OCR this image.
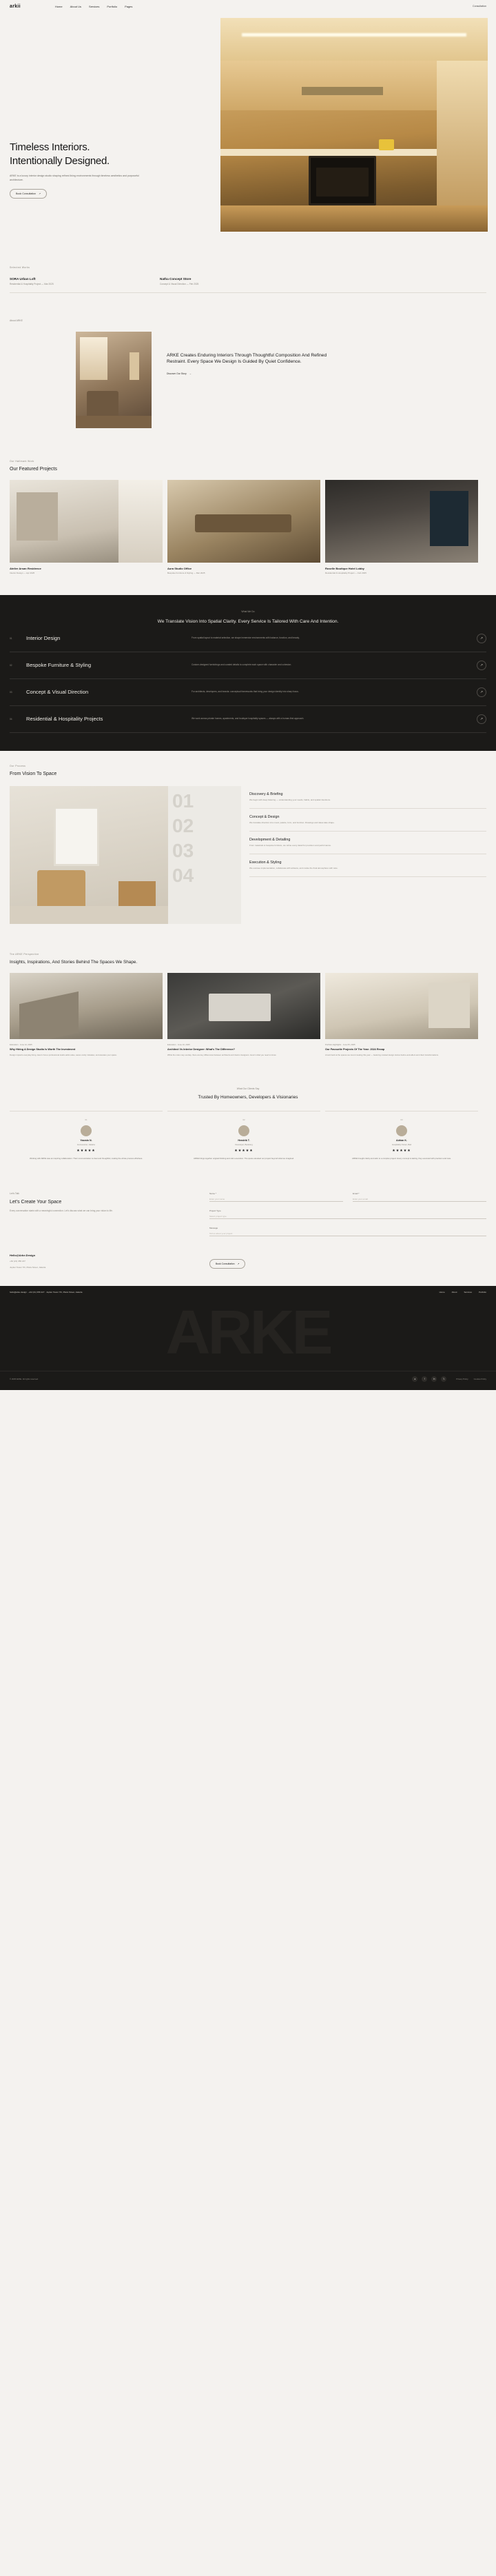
arkii	Home	About Us	Services	Portfolio	Pages	Consultation
Timeless Interiors.
Intentionally Designed.
ARKE is a luxury interior design studio shaping refined living environments through timeless aesthetics and purposeful architecture.
Book Consultation ↗
Selected Works
SORA Urban Loft
Residential & Hospitality Project — Mar 2025
Natha Concept Store
Concept & Visual Direction — Feb 2025
About ARKE
ARKE Creates Enduring Interiors Through Thoughtful Composition And Refined Restraint. Every Space We Design Is Guided By Quiet Confidence.
Discover Our Story →
Our Hallmark Work
Our Featured Projects
Atelier Arsan Residence
Interior Design — Apr 2025
Aura Studio Office
Bespoke Furniture & Styling — Mar 2025
Roselle Boutique Hotel Lobby
Residential & Hospitality Project — Feb 2025
What We Do
We Translate Vision Into Spatial Clarity. Every Service Is Tailored With Care And Intention.
01	Interior Design	From spatial layout to material selection, we shape immersive environments with balance, function, and beauty.	↗
02	Bespoke Furniture & Styling	Custom-designed furnishings and curated details to complete each space with character and cohesion.	↗
03	Concept & Visual Direction	For architects, developers, and brands: conceptual frameworks that bring your design identity into sharp focus.	↗
04	Residential & Hospitality Projects	We work across private homes, apartments, and boutique hospitality spaces — always with a human-first approach.	↗
Our Process
From Vision To Space
01
02
03
04
Discovery & Briefing
We begin with deep listening — understanding your needs, habits, and spatial intentions.
Concept & Design
We translate direction into mood, palette, form, and function. Drawings and ideas take shape.
Development & Detailing
From materials to bespoke furniture, we refine every detail for precision and performance.
Execution & Styling
We oversee implementation, collaborate with artisans, and curate the final atmosphere with care.
The ARKE Perspective
Insights, Inspirations, And Stories Behind The Spaces We Shape.
Education · June 12, 2025
Why Hiring A Design Studio Is Worth The Investment
Design impacts everyday living. Here's how a professional studio adds value, saves costly mistakes, and elevates your space.
Education · June 10, 2025
Architect Vs Interior Designer: What's The Difference?
While the roles may overlap, there are key differences between architects and interior designers. Here's what you need to know.
Portfolio Highlights · June 05, 2025
Our Favourite Projects Of The Year: 2024 Recap
A look back at the spaces we loved creating this year — featuring curated design stories before-and-afters and client transformations.
What Our Clients Say
Trusted By Homeowners, Developers & Visionaries
01
Yasmin N.
Homeowner, Jakarta
★★★★★
Working with ARKE was an inspiring collaboration. Their communication is clear and thoughtful, making the whole process effortless.
02
Hendrik T.
Developer, Bandung
★★★★★
ARKE brings together original thinking and calm execution. The space elevated our project beyond what we imagined.
03
Adrian K.
Hospitality Owner, Bali
★★★★★
ARKE brought clarity and calm to a complex project. Every concept is lasting, they executed with precision and care.
Let's Talk
Let's Create Your Space
Every conversation starts with a meaningful connection. Let's discuss what we can bring your vision to life.
Name *
Enter your name
Email *
Enter your email
Project Type
Select project type
Message
Tell us about your project
Hello@Arke.Design
+62 (21) 356 227
Jupiter Tower 7th, Plaza Street, Jakarta
Book Consultation ↗
hello@arke.design · +62 (21) 356 227 · Jupiter Tower 7th, Plaza Street, Jakarta	Home	About	Services	Portfolio
ARKE
© 2025 ARKE. All rights reserved.	●	f	in	𝕏	Privacy Policy	Cookies Policy
